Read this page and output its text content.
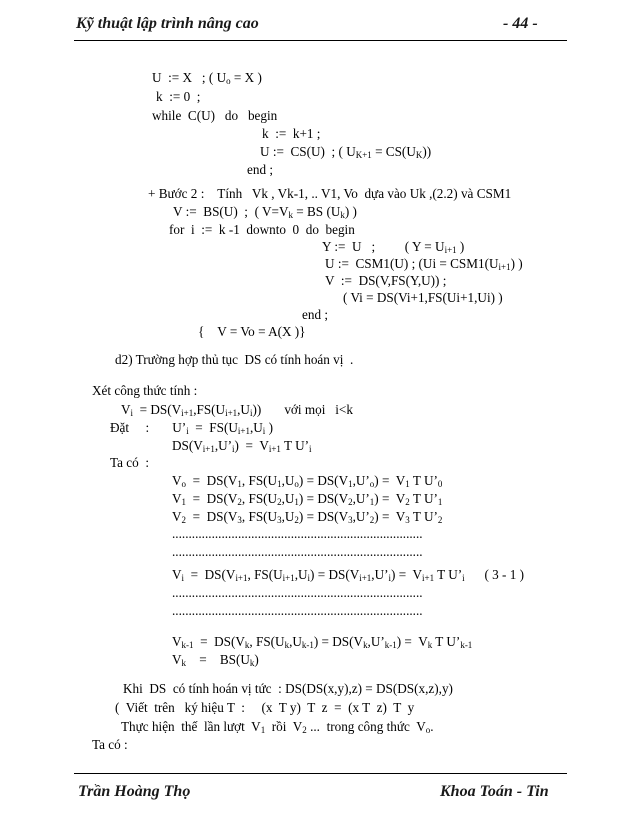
Kỹ thuật lập trình nâng cao	- 44 -
U  := X   ; ( $U_o = X$ )
k  := 0  ;
while  C(U)   do   begin
k  :=  k+1 ;
U :=  CS(U)  ; ( $U_{K+1} = CS(U_K)$)
end ;
+ Bước 2 :    Tính   Vk , Vk-1, .. V1, Vo  dựa vào Uk ,(2.2) và CSM1
V :=  BS(U)  ;  ( $V=V_k$ = BS $(U_k)$ )
for  i  :=  k -1  downto  0  do  begin
Y :=  U   ;         ( $Y = U_{i+1}$ )
U :=  CSM1(U) ; ($Ui = CSM1(U_{i+1})$ )
V  :=  DS(V,FS(Y,U)) ;
( Vi = DS(Vi+1,FS(Ui+1,Ui) )
end ;
{    V = Vo = A(X )}
d2) Trường hợp thủ tục  DS có tính hoán vị  .
Xét công thức tính :
$V_i = DS(V_{i+1},FS(U_{i+1},U_i))$       với mọi   i<k
Đặt     :       $U’_i = FS(U_{i+1},U_i$ )
$DS(V_{i+1},U’_i) = V_{i+1}$ T $U’_i$
Ta có  :
$V_o = DS(V_1$, $FS(U_1,U_o)$ = $DS(V_1,U’_o) = V_1$ T $U’_0$
$V_1 = DS(V_2$, $FS(U_2,U_1)$ = $DS(V_2,U’_1) = V_2$ T $U’_1$
$V_2 = DS(V_3$, $FS(U_3,U_2)$ = $DS(V_3,U’_2) = V_3$ T $U’_2$
............................................................................
............................................................................
$V_i = DS(V_{i+1}$, $FS(U_{i+1},U_i)$ = $DS(V_{i+1},U’_i) = V_{i+1}$ T $U’_i$      ( 3 - 1 )
............................................................................
............................................................................
$V_{k-1} = DS(V_k$, $FS(U_k,U_{k-1})$ = $DS(V_k,U’_{k-1}) = V_k$ T $U’_{k-1}$
$V_k$    =    $BS(U_k)$
Khi  DS  có tính hoán vị tức  : DS(DS(x,y),z) = DS(DS(x,z),y)
(  Viết  trên   ký hiệu T  :     (x  T y)  T  z  =  (x T  z)  T  y
Thực hiện  thế  lần lượt  $V_1$  rồi  $V_2$ ...  trong công thức  $V_o$.
Ta có :
Trần Hoàng Thọ	Khoa Toán - Tin
